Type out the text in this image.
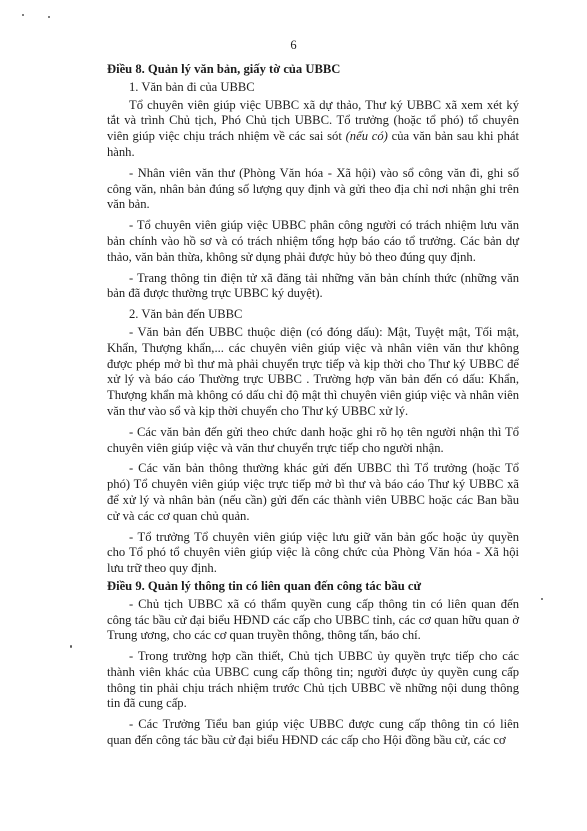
6

Điều 8. Quản lý văn bản, giấy tờ của UBBC

1. Văn bản đi của UBBC

Tổ chuyên viên giúp việc UBBC xã dự thảo, Thư ký UBBC xã xem xét ký tắt và trình Chủ tịch, Phó Chủ tịch UBBC. Tổ trưởng (hoặc tổ phó) tổ chuyên viên giúp việc chịu trách nhiệm về các sai sót (nếu có) của văn bản sau khi phát hành.

- Nhân viên văn thư (Phòng Văn hóa - Xã hội) vào sổ công văn đi, ghi số công văn, nhân bản đúng số lượng quy định và gửi theo địa chỉ nơi nhận ghi trên văn bản.

- Tổ chuyên viên giúp việc UBBC phân công người có trách nhiệm lưu văn bản chính vào hồ sơ và có trách nhiệm tổng hợp báo cáo tổ trưởng. Các bản dự thảo, văn bản thừa, không sử dụng phải được hủy bỏ theo đúng quy định.

- Trang thông tin điện tử xã đăng tải những văn bản chính thức (những văn bản đã được thường trực UBBC ký duyệt).

2. Văn bản đến UBBC

- Văn bản đến UBBC thuộc diện (có đóng dấu): Mật, Tuyệt mật, Tối mật, Khẩn, Thượng khẩn,... các chuyên viên giúp việc và nhân viên văn thư không được phép mở bì thư mà phải chuyển trực tiếp và kịp thời cho Thư ký UBBC để xử lý và báo cáo Thường trực UBBC . Trường hợp văn bản đến có dấu: Khẩn, Thượng khẩn mà không có dấu chỉ độ mật thì chuyên viên giúp việc và nhân viên văn thư vào sổ và kịp thời chuyển cho Thư ký UBBC xử lý.

- Các văn bản đến gửi theo chức danh hoặc ghi rõ họ tên người nhận thì Tổ chuyên viên giúp việc và văn thư chuyển trực tiếp cho người nhận.

- Các văn bản thông thường khác gửi đến UBBC thì Tổ trưởng (hoặc Tổ phó) Tổ chuyên viên giúp việc trực tiếp mở bì thư và báo cáo Thư ký UBBC xã để xử lý và nhân bản (nếu cần) gửi đến các thành viên UBBC hoặc các Ban bầu cử và các cơ quan chủ quản.

- Tổ trưởng Tổ chuyên viên giúp việc lưu giữ văn bản gốc hoặc ủy quyền cho Tổ phó tổ chuyên viên giúp việc là công chức của Phòng Văn hóa - Xã hội lưu trữ theo quy định.

Điều 9. Quản lý thông tin có liên quan đến công tác bầu cử

- Chủ tịch UBBC xã có thẩm quyền cung cấp thông tin có liên quan đến công tác bầu cử đại biểu HĐND các cấp cho UBBC tỉnh, các cơ quan hữu quan ở Trung ương, cho các cơ quan truyền thông, thông tấn, báo chí.

- Trong trường hợp cần thiết, Chủ tịch UBBC ủy quyền trực tiếp cho các thành viên khác của UBBC cung cấp thông tin; người được ủy quyền cung cấp thông tin phải chịu trách nhiệm trước Chủ tịch UBBC về những nội dung thông tin đã cung cấp.

- Các Trưởng Tiểu ban giúp việc UBBC được cung cấp thông tin có liên quan đến công tác bầu cử đại biểu HĐND các cấp cho Hội đồng bầu cử, các cơ
